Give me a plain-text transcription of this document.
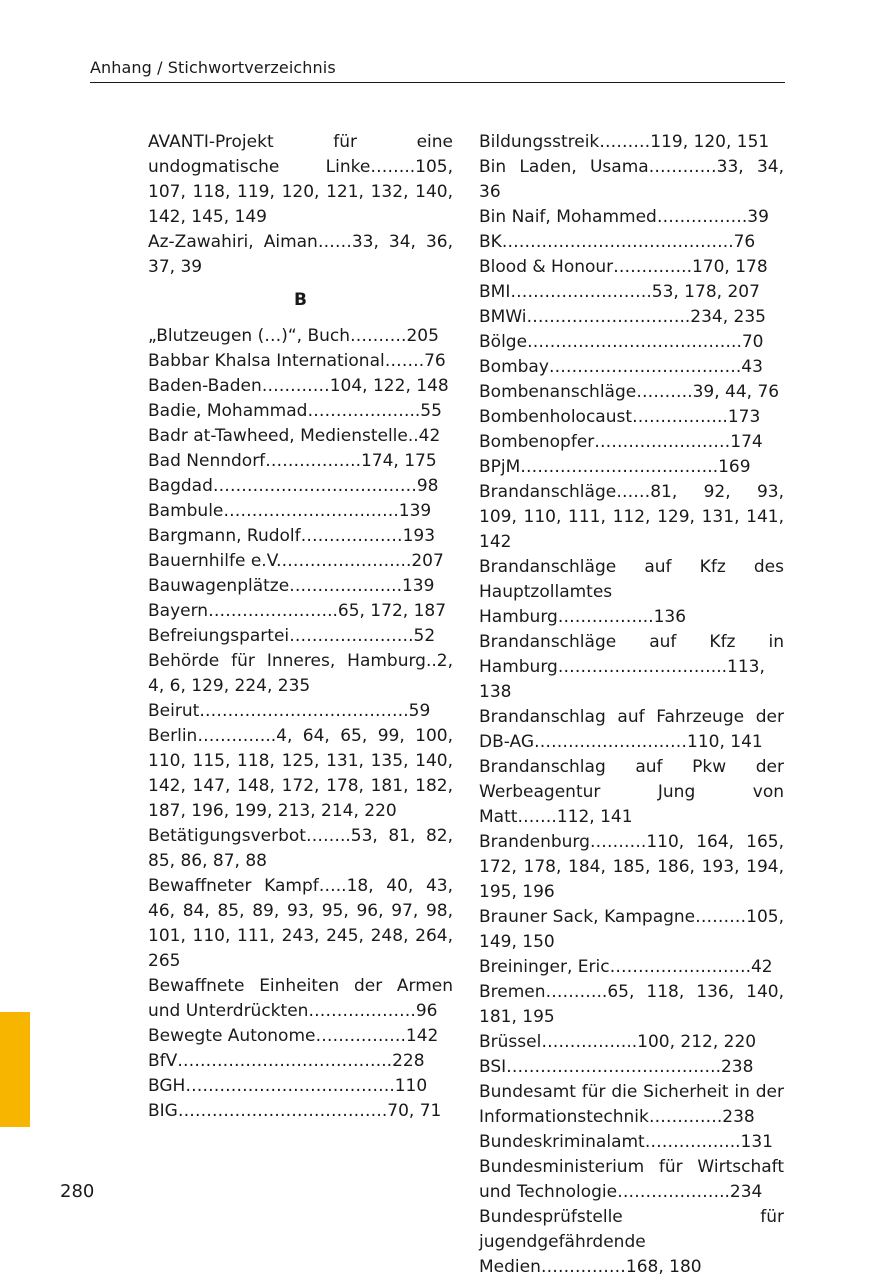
Anhang / Stichwortverzeichnis

AVANTI-Projekt für eine undogmatische Linke……..105, 107, 118, 119, 120, 121, 132, 140, 142, 145, 149

Az-Zawahiri, Aiman……33, 34, 36, 37, 39

B

„Blutzeugen (…)“, Buch……….205

Babbar Khalsa International…….76

Baden-Baden…………104, 122, 148

Badie, Mohammad………………..55

Badr at-Tawheed, Medienstelle..42

Bad Nenndorf……………..174, 175

Bagdad………………………………98

Bambule………………………….139

Bargmann, Rudolf………………193

Bauernhilfe e.V.…………………..207

Bauwagenplätze………………..139

Bayern…………………..65, 172, 187

Befreiungspartei………………….52

Behörde für Inneres, Hamburg..2, 4, 6, 129, 224, 235

Beirut……………………………….59

Berlin…………..4, 64, 65, 99, 100, 110, 115, 118, 125, 131, 135, 140, 142, 147, 148, 172, 178, 181, 182, 187, 196, 199, 213, 214, 220

Betätigungsverbot……..53, 81, 82, 85, 86, 87, 88

Bewaffneter Kampf…..18, 40, 43, 46, 84, 85, 89, 93, 95, 96, 97, 98, 101, 110, 111, 243, 245, 248, 264, 265

Bewaffnete Einheiten der Armen und Unterdrückten……………….96

Bewegte Autonome…………….142

BfV………………………………..228

BGH……………………………….110

BIG……………………………….70, 71

Bildungsstreik………119, 120, 151

Bin Laden, Usama…………33, 34, 36

Bin Naif, Mohammed…………….39

BK…………………………………..76

Blood & Honour…………..170, 178

BMI…………………….53, 178, 207

BMWi………………………..234, 235

Bölge………………………………..70

Bombay…………………………….43

Bombenanschläge……….39, 44, 76

Bombenholocaust……………..173

Bombenopfer……………………174

BPjM……………………………..169

Brandanschläge……81, 92, 93, 109, 110, 111, 112, 129, 131, 141, 142

Brandanschläge auf Kfz des Hauptzollamtes Hamburg……………..136

Brandanschläge auf Kfz in Hamburg………………………...113, 138

Brandanschlag auf Fahrzeuge der DB-AG………………………110, 141

Brandanschlag auf Pkw der Werbeagentur Jung von Matt…….112, 141

Brandenburg……….110, 164, 165, 172, 178, 184, 185, 186, 193, 194, 195, 196

Brauner Sack, Kampagne………105, 149, 150

Breininger, Eric…………………….42

Bremen………..65, 118, 136, 140, 181, 195

Brüssel……………..100, 212, 220

BSI………………………………..238

Bundesamt für die Sicherheit in der Informationstechnik………….238

Bundeskriminalamt……………..131

Bundesministerium für Wirtschaft und Technologie………………..234

Bundesprüfstelle für jugendgefährdende Medien……………168, 180

280
